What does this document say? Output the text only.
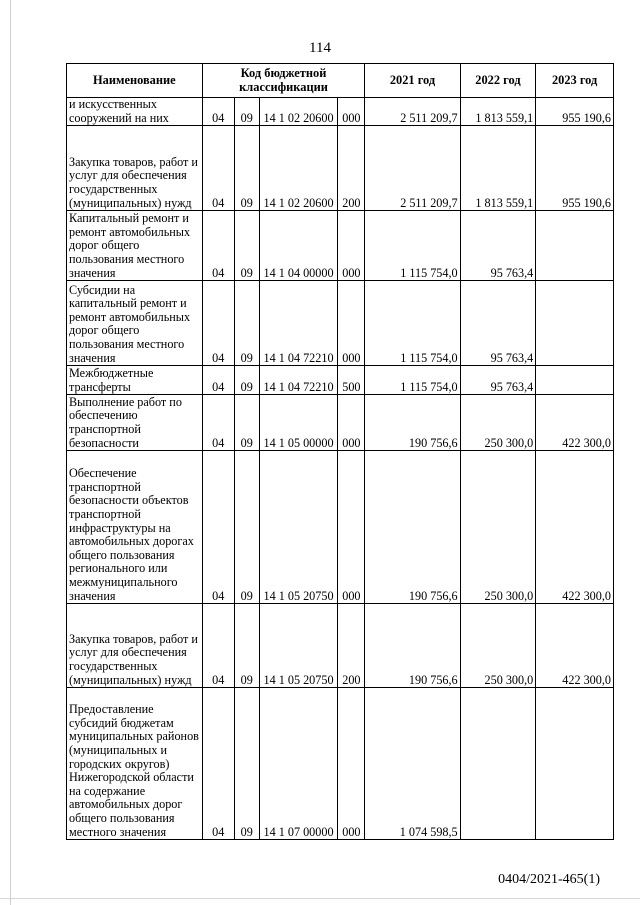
114
Наименование	Код бюджетной классификации				2021 год	2022 год	2023 год
и искусственных сооружений на них	04	09	14 1 02 20600	000	2 511 209,7	1 813 559,1	955 190,6
Закупка товаров, работ и услуг для обеспечения государственных (муниципальных) нужд	04	09	14 1 02 20600	200	2 511 209,7	1 813 559,1	955 190,6
Капитальный ремонт и ремонт автомобильных дорог общего пользования местного значения	04	09	14 1 04 00000	000	1 115 754,0	95 763,4	
Субсидии на капитальный ремонт и ремонт автомобильных дорог общего пользования местного значения	04	09	14 1 04 72210	000	1 115 754,0	95 763,4	
Межбюджетные трансферты	04	09	14 1 04 72210	500	1 115 754,0	95 763,4	
Выполнение работ по обеспечению транспортной безопасности	04	09	14 1 05 00000	000	190 756,6	250 300,0	422 300,0
Обеспечение транспортной безопасности объектов транспортной инфраструктуры на автомобильных дорогах общего пользования регионального или межмуниципального значения	04	09	14 1 05 20750	000	190 756,6	250 300,0	422 300,0
Закупка товаров, работ и услуг для обеспечения государственных (муниципальных) нужд	04	09	14 1 05 20750	200	190 756,6	250 300,0	422 300,0
Предоставление субсидий бюджетам муниципальных районов (муниципальных и городских округов) Нижегородской области на содержание автомобильных дорог общего пользования местного значения	04	09	14 1 07 00000	000	1 074 598,5		
0404/2021-465(1)
